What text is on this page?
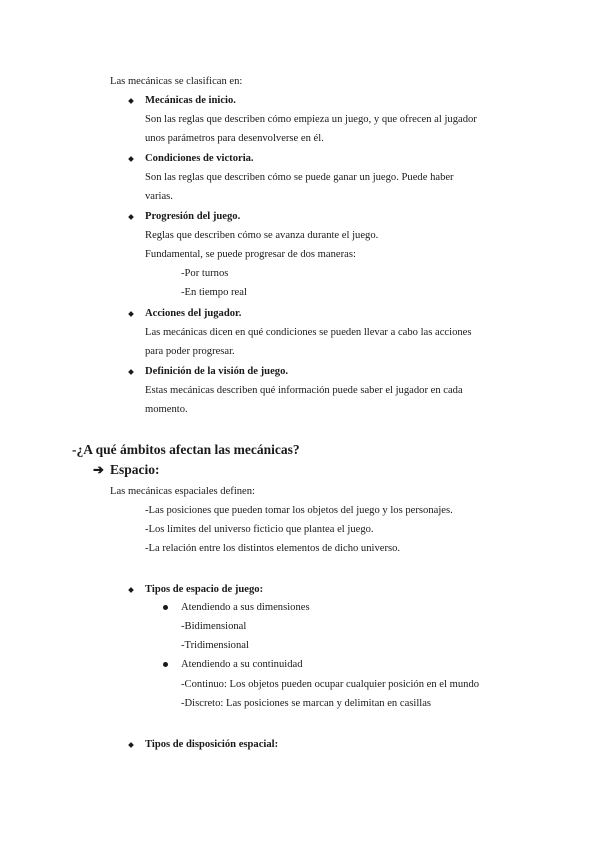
Las mecánicas se clasifican en:
Mecánicas de inicio.
Son las reglas que describen cómo empieza un juego, y que ofrecen al jugador
unos parámetros para desenvolverse en él.
Condiciones de victoria.
Son las reglas que describen cómo se puede ganar un juego. Puede haber
varias.
Progresión del juego.
Reglas que describen cómo se avanza durante el juego.
Fundamental, se puede progresar de dos maneras:
-Por turnos
-En tiempo real
Acciones del jugador.
Las mecánicas dicen en qué condiciones se pueden llevar a cabo las acciones
para poder progresar.
Definición de la visión de juego.
Estas mecánicas describen qué información puede saber el jugador en cada
momento.
-¿A qué ámbitos afectan las mecánicas?
➔ Espacio:
Las mecánicas espaciales definen:
-Las posiciones que pueden tomar los objetos del juego y los personajes.
-Los límites del universo ficticio que plantea el juego.
-La relación entre los distintos elementos de dicho universo.
Tipos de espacio de juego:
Atendiendo a sus dimensiones
-Bidimensional
-Tridimensional
Atendiendo a su continuidad
-Continuo: Los objetos pueden ocupar cualquier posición en el mundo
-Discreto: Las posiciones se marcan y delimitan en casillas
Tipos de disposición espacial:
